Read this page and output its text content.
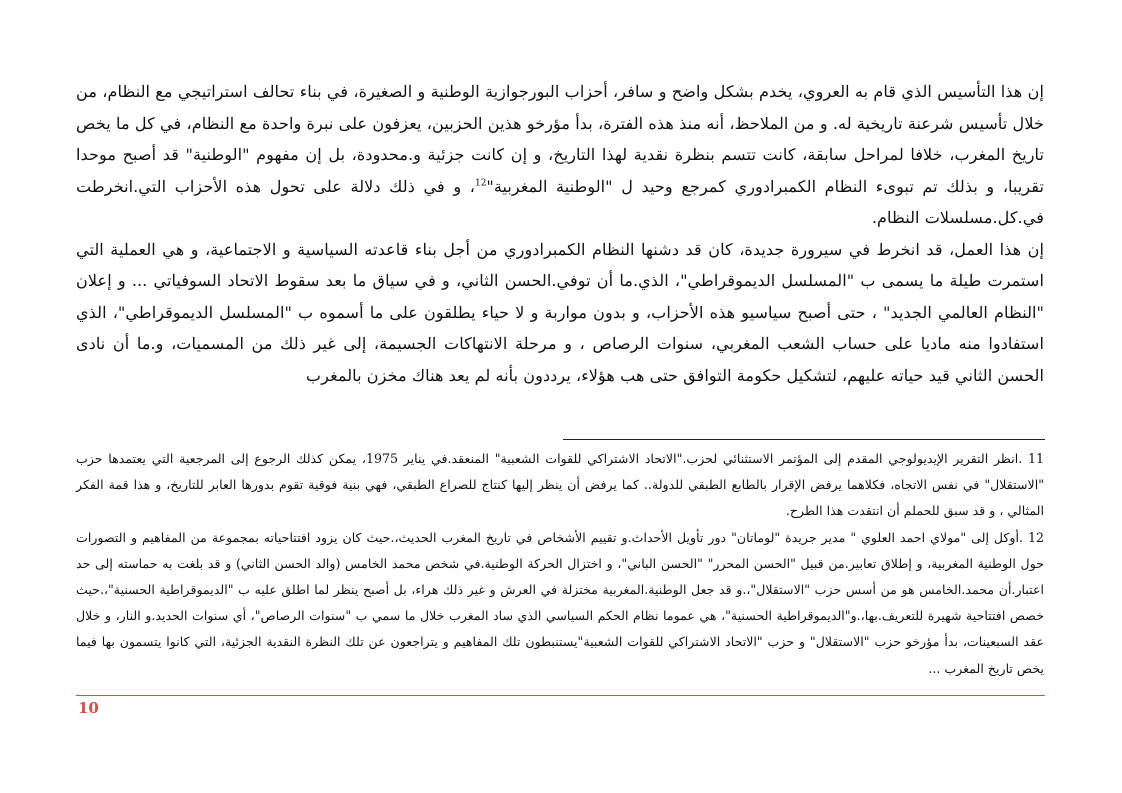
إن هذا التأسيس الذي قام به العروي، يخدم بشكل واضح و سافر، أحزاب البورجوازية الوطنية و الصغيرة، في بناء تحالف استراتيجي مع النظام، من خلال تأسيس شرعنة تاريخية له. و من الملاحظ، أنه منذ هذه الفترة، بدأ مؤرخو هذين الحزبين، يعزفون على نبرة واحدة مع النظام، في كل ما يخص تاريخ المغرب، خلافا لمراحل سابقة، كانت تتسم بنظرة نقدية لهذا التاريخ، و إن كانت جزئية و.محدودة، بل إن مفهوم "الوطنية" قد أصبح موحدا تقريبا، و بذلك تم تبوىء النظام الكمبرادوري كمرجع وحيد ل "الوطنية المغربية"$^{12}$، و في ذلك دلالة على تحول هذه الأحزاب التي.انخرطت في.كل.مسلسلات النظام.

إن هذا العمل، قد انخرط في سيرورة جديدة، كان قد دشنها النظام الكمبرادوري من أجل بناء قاعدته السياسية و الاجتماعية، و هي العملية التي استمرت طيلة ما يسمى ب "المسلسل الديموقراطي"، الذي.ما أن توفي.الحسن الثاني، و في سياق ما بعد سقوط الاتحاد السوفياتي ... و إعلان "النظام العالمي الجديد" ، حتى أصبح سياسيو هذه الأحزاب، و بدون مواربة و لا حياء يطلقون على ما أسموه ب "المسلسل الديموقراطي"، الذي استفادوا منه ماديا على حساب الشعب المغربي، سنوات الرصاص ، و مرحلة الانتهاكات الجسيمة، إلى غير ذلك من المسميات، و.ما أن نادى الحسن الثاني قيد حياته عليهم، لتشكيل حكومة التوافق حتى هب هؤلاء، يرددون بأنه لم يعد هناك مخزن بالمغرب

11 .انظر التقرير الإيديولوجي المقدم إلى المؤتمر الاستثنائي لحزب."الاتحاد الاشتراكي للقوات الشعبية" المنعقد.في يناير 1975، يمكن كذلك الرجوع إلى المرجعية التي يعتمدها حزب "الاستقلال" في نفس الاتجاه، فكلاهما يرفض الإقرار بالطابع الطبقي للدولة.. كما يرفض أن ينظر إليها كنتاج للصراع الطبقي، فهي بنية فوقية تقوم بدورها العابر للتاريخ، و هذا قمة الفكر المثالي ، و قد سبق للحملم أن انتقدت هذا الطرح.

12 .أوكل إلى "مولاي احمد العلوي " مدير جريدة "لوماتان" دور تأويل الأحداث.و تقييم الأشخاص في تاريخ المغرب الحديث،.حيث كان يزود افتتاحياته بمجموعة من المفاهيم و التصورات حول الوطنية المغربية، و إطلاق تعابير.من قبيل "الحسن المحرر" "الحسن الباني"، و اختزال الحركة الوطنية.في شخص محمد الخامس (والد الحسن الثاني) و قد بلغت به حماسته إلى حد اعتبار.أن محمد.الخامس هو من أسس حزب "الاستقلال"،.و قد جعل الوطنية.المغربية مختزلة في العرش و غير ذلك هراء، بل أصبح ينظر لما اطلق عليه ب "الديموقراطية الحسنية"،.حيث خصص افتتاحية شهيرة للتعريف.بها،.و"الديموقراطية الحسنية"، هي عموما نظام الحكم السياسي الذي ساد المغرب خلال ما سمي ب "سنوات الرصاص"، أي سنوات الحديد.و النار، و خلال عقد السبعينات، بدأ مؤرخو حزب "الاستقلال" و حزب "الاتحاد الاشتراكي للقوات الشعبية"يستنبطون تلك المفاهيم و يتراجعون عن تلك النظرة النقدية الجزئية، التي كانوا يتسمون بها فيما يخص تاريخ المغرب ...

10
